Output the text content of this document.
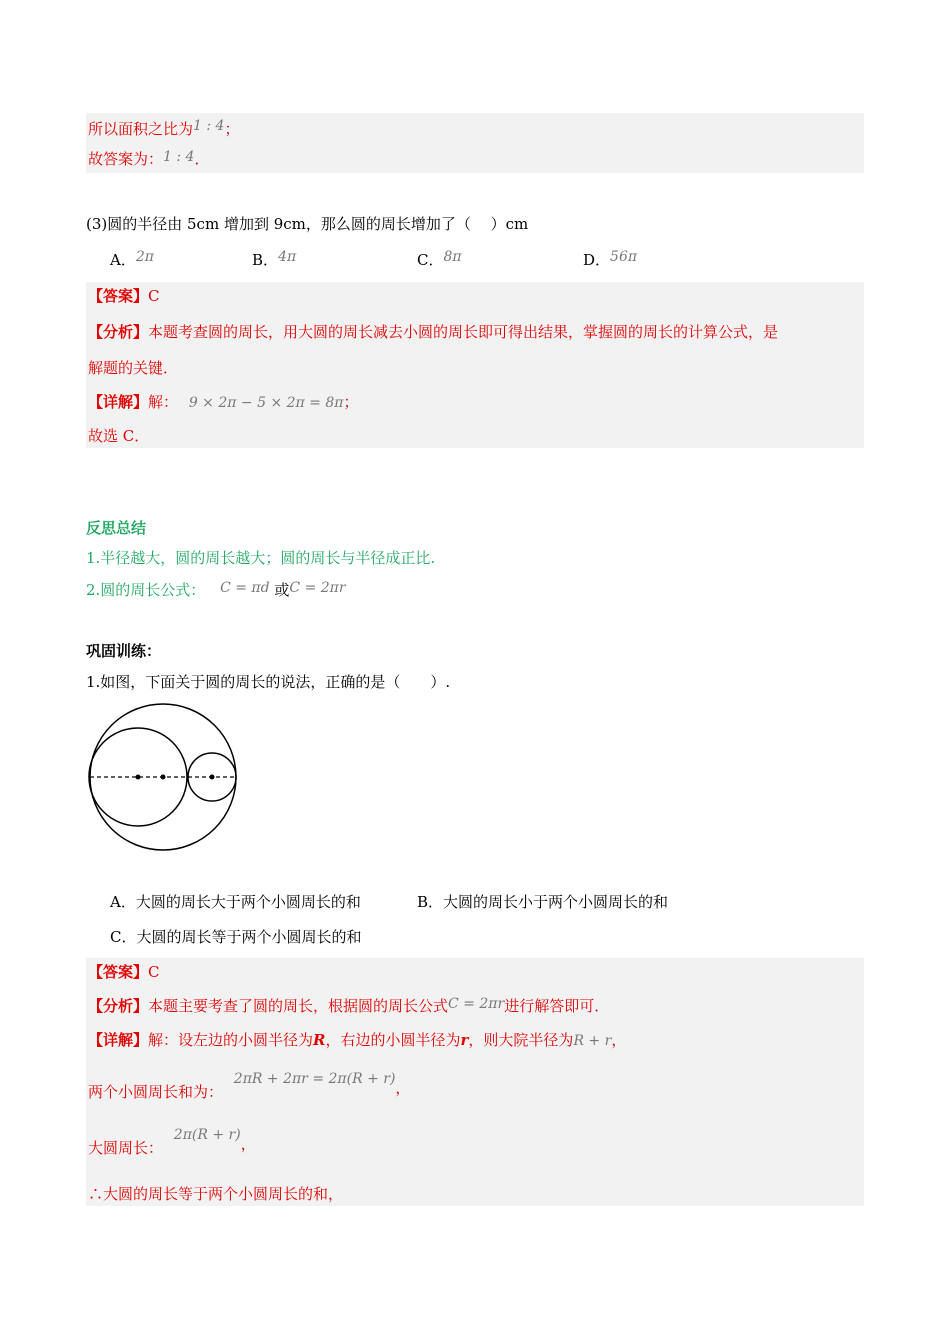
所以面积之比为1 : 4；
故答案为：1 : 4．
(3)圆的半径由 5cm 增加到 9cm，那么圆的周长增加了（　 ）cm
A．2π	B．4π	C．8π	D．56π
【答案】C
【分析】本题考查圆的周长，用大圆的周长减去小圆的周长即可得出结果，掌握圆的周长的计算公式，是
解题的关键．
【详解】解： 9 × 2π − 5 × 2π = 8π；
故选 C．
反思总结
1.半径越大，圆的周长越大；圆的周长与半径成正比.
2.圆的周长公式： C = πd 或C = 2πr
巩固训练：
1.如图，下面关于圆的周长的说法，正确的是（　　）.
A．大圆的周长大于两个小圆周长的和	B．大圆的周长小于两个小圆周长的和
C．大圆的周长等于两个小圆周长的和
【答案】C
【分析】本题主要考查了圆的周长，根据圆的周长公式C = 2πr进行解答即可．
【详解】解：设左边的小圆半径为R，右边的小圆半径为r，则大院半径为R + r，
两个小圆周长和为： 2πR + 2πr = 2π(R + r)，
大圆周长： 2π(R + r)，
∴大圆的周长等于两个小圆周长的和，
